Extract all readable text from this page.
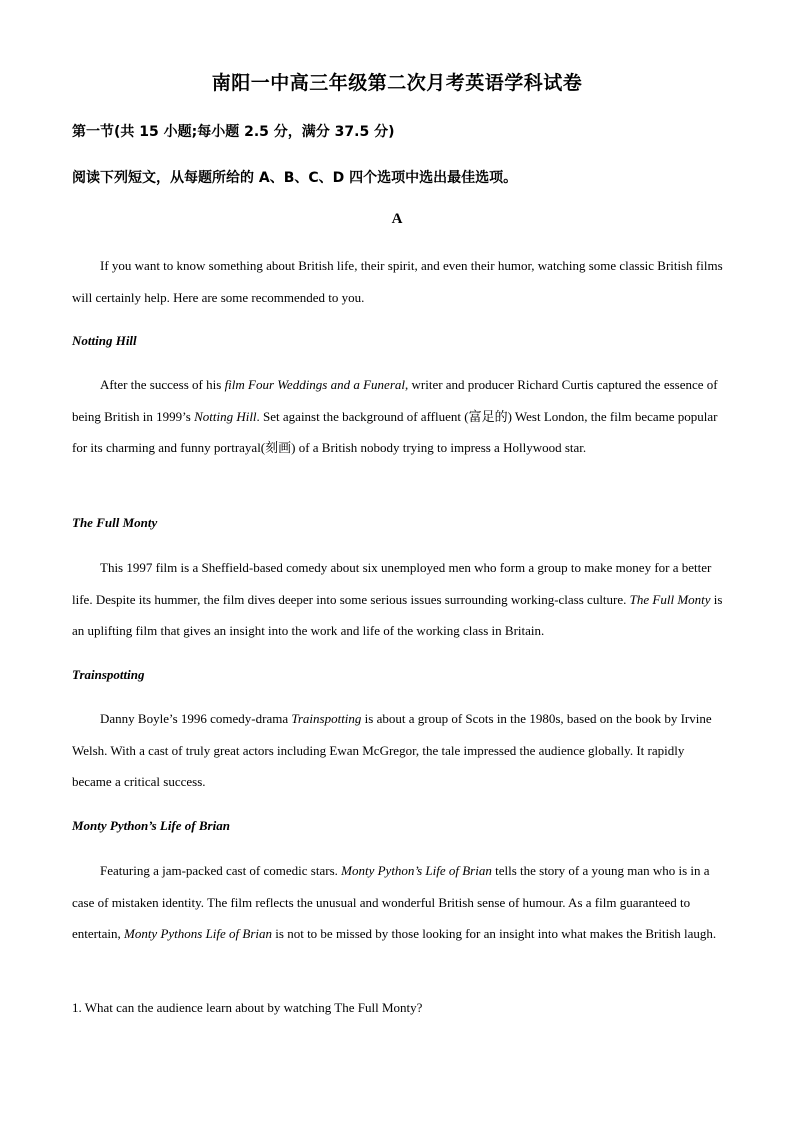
南阳一中高三年级第二次月考英语学科试卷
第一节(共 15 小题;每小题 2.5 分，满分 37.5 分)
阅读下列短文，从每题所给的 A、B、C、D 四个选项中选出最佳选项。
A

If you want to know something about British life, their spirit, and even their humor, watching some classic British films will certainly help. Here are some recommended to you.

Notting Hill

After the success of his film Four Weddings and a Funeral, writer and producer Richard Curtis captured the essence of being British in 1999’s Notting Hill. Set against the background of affluent (富足的) West London, the film became popular for its charming and funny portrayal(刻画) of a British nobody trying to impress a Hollywood star.

The Full Monty

This 1997 film is a Sheffield-based comedy about six unemployed men who form a group to make money for a better life. Despite its hummer, the film dives deeper into some serious issues surrounding working-class culture. The Full Monty is an uplifting film that gives an insight into the work and life of the working class in Britain.

Trainspotting

Danny Boyle’s 1996 comedy-drama Trainspotting is about a group of Scots in the 1980s, based on the book by Irvine Welsh. With a cast of truly great actors including Ewan McGregor, the tale impressed the audience globally. It rapidly became a critical success.

Monty Python’s Life of Brian

Featuring a jam-packed cast of comedic stars. Monty Python’s Life of Brian tells the story of a young man who is in a case of mistaken identity. The film reflects the unusual and wonderful British sense of humour. As a film guaranteed to entertain, Monty Pythons Life of Brian is not to be missed by those looking for an insight into what makes the British laugh.

1. What can the audience learn about by watching The Full Monty?
